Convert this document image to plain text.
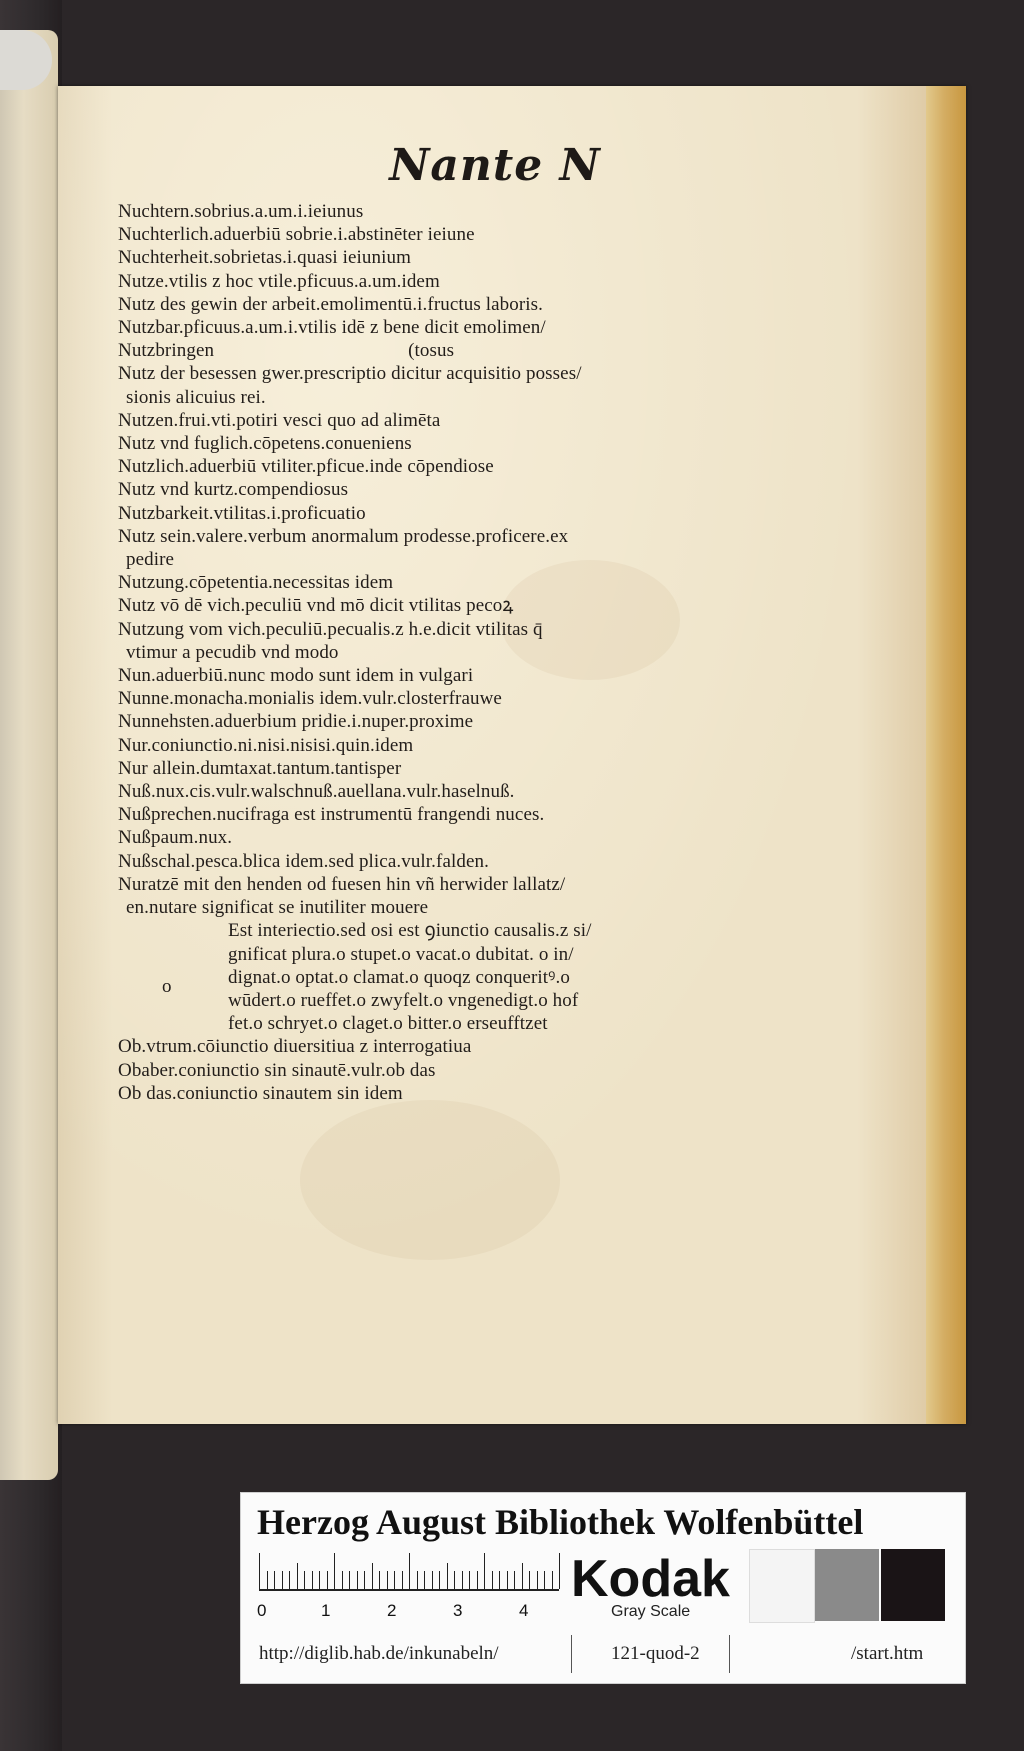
Nante N
Nuchtern.sobrius.a.um.i.ieiunus
Nuchterlich.aduerbiū sobrie.i.abstinēter ieiune
Nuchterheit.sobrietas.i.quasi ieiunium
Nutze.vtilis z hoc vtile.pficuus.a.um.idem
Nutz des gewin der arbeit.emolimentū.i.fructus laboris.
Nutzbar.pficuus.a.um.i.vtilis idē z bene dicit emolimen/
Nutzbringen                                        (tosus
Nutz der besessen gwer.prescriptio dicitur acquisitio posses/
sionis alicuius rei.
Nutzen.frui.vti.potiri vesci quo ad alimēta
Nutz vnd fuglich.cōpetens.conueniens
Nutzlich.aduerbiū vtiliter.pficue.inde cōpendiose
Nutz vnd kurtz.compendiosus
Nutzbarkeit.vtilitas.i.proficuatio
Nutz sein.valere.verbum anormalum prodesse.proficere.ex
pedire
Nutzung.cōpetentia.necessitas idem
Nutz vō dē vich.peculiū vnd mō dicit vtilitas pecoꝝ
Nutzung vom vich.peculiū.pecualis.z h.e.dicit vtilitas q̄
vtimur a pecudib vnd modo
Nun.aduerbiū.nunc modo sunt idem in vulgari
Nunne.monacha.monialis idem.vulr.closterfrauwe
Nunnehsten.aduerbium pridie.i.nuper.proxime
Nur.coniunctio.ni.nisi.nisisi.quin.idem
Nur allein.dumtaxat.tantum.tantisper
Nuß.nux.cis.vulr.walschnuß.auellana.vulr.haselnuß.
Nußprechen.nucifraga est instrumentū frangendi nuces.
Nußpaum.nux.
Nußschal.pesca.blica idem.sed plica.vulr.falden.
Nuratzē mit den henden od fuesen hin vñ herwider lallatz/
en.nutare significat se inutiliter mouere
Est interiectio.sed osi est ꝯiunctio causalis.z si/
gnificat plura.o stupet.o vacat.o dubitat. o in/
dignat.o optat.o clamat.o quoqz conqueritꝰ.o
wūdert.o rueffet.o zwyfelt.o vngenedigt.o hof
fet.o schryet.o claget.o bitter.o erseufftzet
Ob.vtrum.cōiunctio diuersitiua z interrogatiua
Obaber.coniunctio sin sinautē.vulr.ob das
Ob das.coniunctio sinautem sin idem
o
Herzog August Bibliothek Wolfenbüttel
0	1	2	3	4
Kodak
Gray Scale
http://diglib.hab.de/inkunabeln/	121-quod-2	/start.htm
